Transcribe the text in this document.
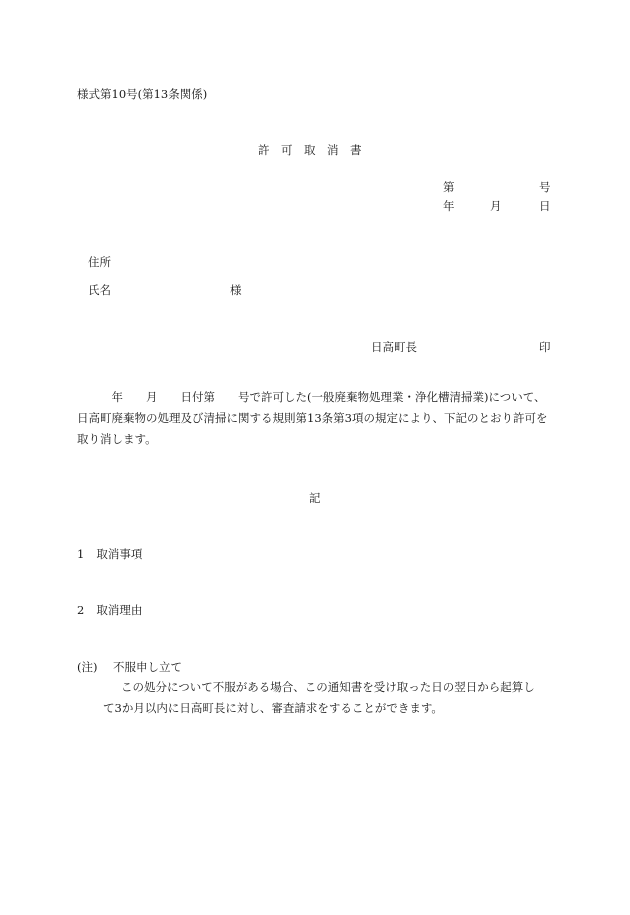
様式第10号(第13条関係)
許　可　取　消　書
第	号
年	月	日
住所
氏名	様
日高町長	印
　　　年　　月　　日付第　　号で許可した(一般廃棄物処理業・浄化槽清掃業)について、
日高町廃棄物の処理及び清掃に関する規則第13条第3項の規定により、下記のとおり許可を
取り消します。
記
1 取消事項
2 取消理由
(注) 不服申し立て
この処分について不服がある場合、この通知書を受け取った日の翌日から起算し
て3か月以内に日高町長に対し、審査請求をすることができます。
